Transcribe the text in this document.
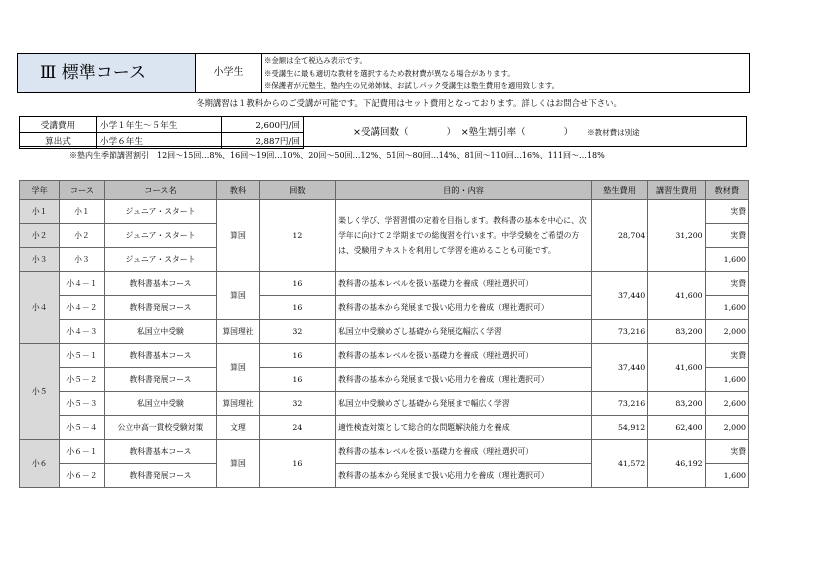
Ⅲ 標準コース	小学生
※金額は全て税込み表示です。
※受講生に最も適切な教材を選択するため教材費が異なる場合があります。
※保護者が元塾生、塾内生の兄弟姉妹、お試しパック受講生は塾生費用を適用致します。
冬期講習は１教科からのご受講が可能です。下記費用はセット費用となっております。詳しくはお問合せ下さい。
受講費用	小学１年生～５年生	2,600円/回
算出式	小学６年生	2,887円/回
×受講回数（　　　　）　×塾生割引率（　　　　） ※教材費は別途
※塾内生季節講習割引　12回～15回…8%、16回～19回…10%、20回～50回…12%、51回～80回…14%、81回～110回…16%、111回～…18%
学年	コース	コース名	教科	回数	目的・内容	塾生費用	講習生費用	教材費
小１	小１	ジュニア・スタート	算国	12	楽しく学び、学習習慣の定着を目指します。教科書の基本を中心に、次学年に向けて２学期までの総復習を行います。中学受験をご希望の方は、受験用テキストを利用して学習を進めることも可能です。	28,704	31,200	実費
小２	小２	ジュニア・スタート						実費
小３	小３	ジュニア・スタート						1,600
小４	小４－１	教科書基本コース	算国	16	教科書の基本レベルを扱い基礎力を養成（理社選択可）	37,440	41,600	実費
	小４－２	教科書発展コース		16	教科書の基本から発展まで扱い応用力を養成（理社選択可）			1,600
	小４－３	私国立中受験	算国理社	32	私国立中受験めざし基礎から発展迄幅広く学習	73,216	83,200	2,000
小５	小５－１	教科書基本コース	算国	16	教科書の基本レベルを扱い基礎力を養成（理社選択可）	37,440	41,600	実費
	小５－２	教科書発展コース		16	教科書の基本から発展まで扱い応用力を養成（理社選択可）			1,600
	小５－３	私国立中受験	算国理社	32	私国立中受験めざし基礎から発展まで幅広く学習	73,216	83,200	2,600
	小５－４	公立中高一貫校受験対策	文理	24	適性検査対策として総合的な問題解決能力を養成	54,912	62,400	2,000
小６	小６－１	教科書基本コース	算国	16	教科書の基本レベルを扱い基礎力を養成（理社選択可）	41,572	46,192	実費
	小６－２	教科書発展コース			教科書の基本から発展まで扱い応用力を養成（理社選択可）			1,600
